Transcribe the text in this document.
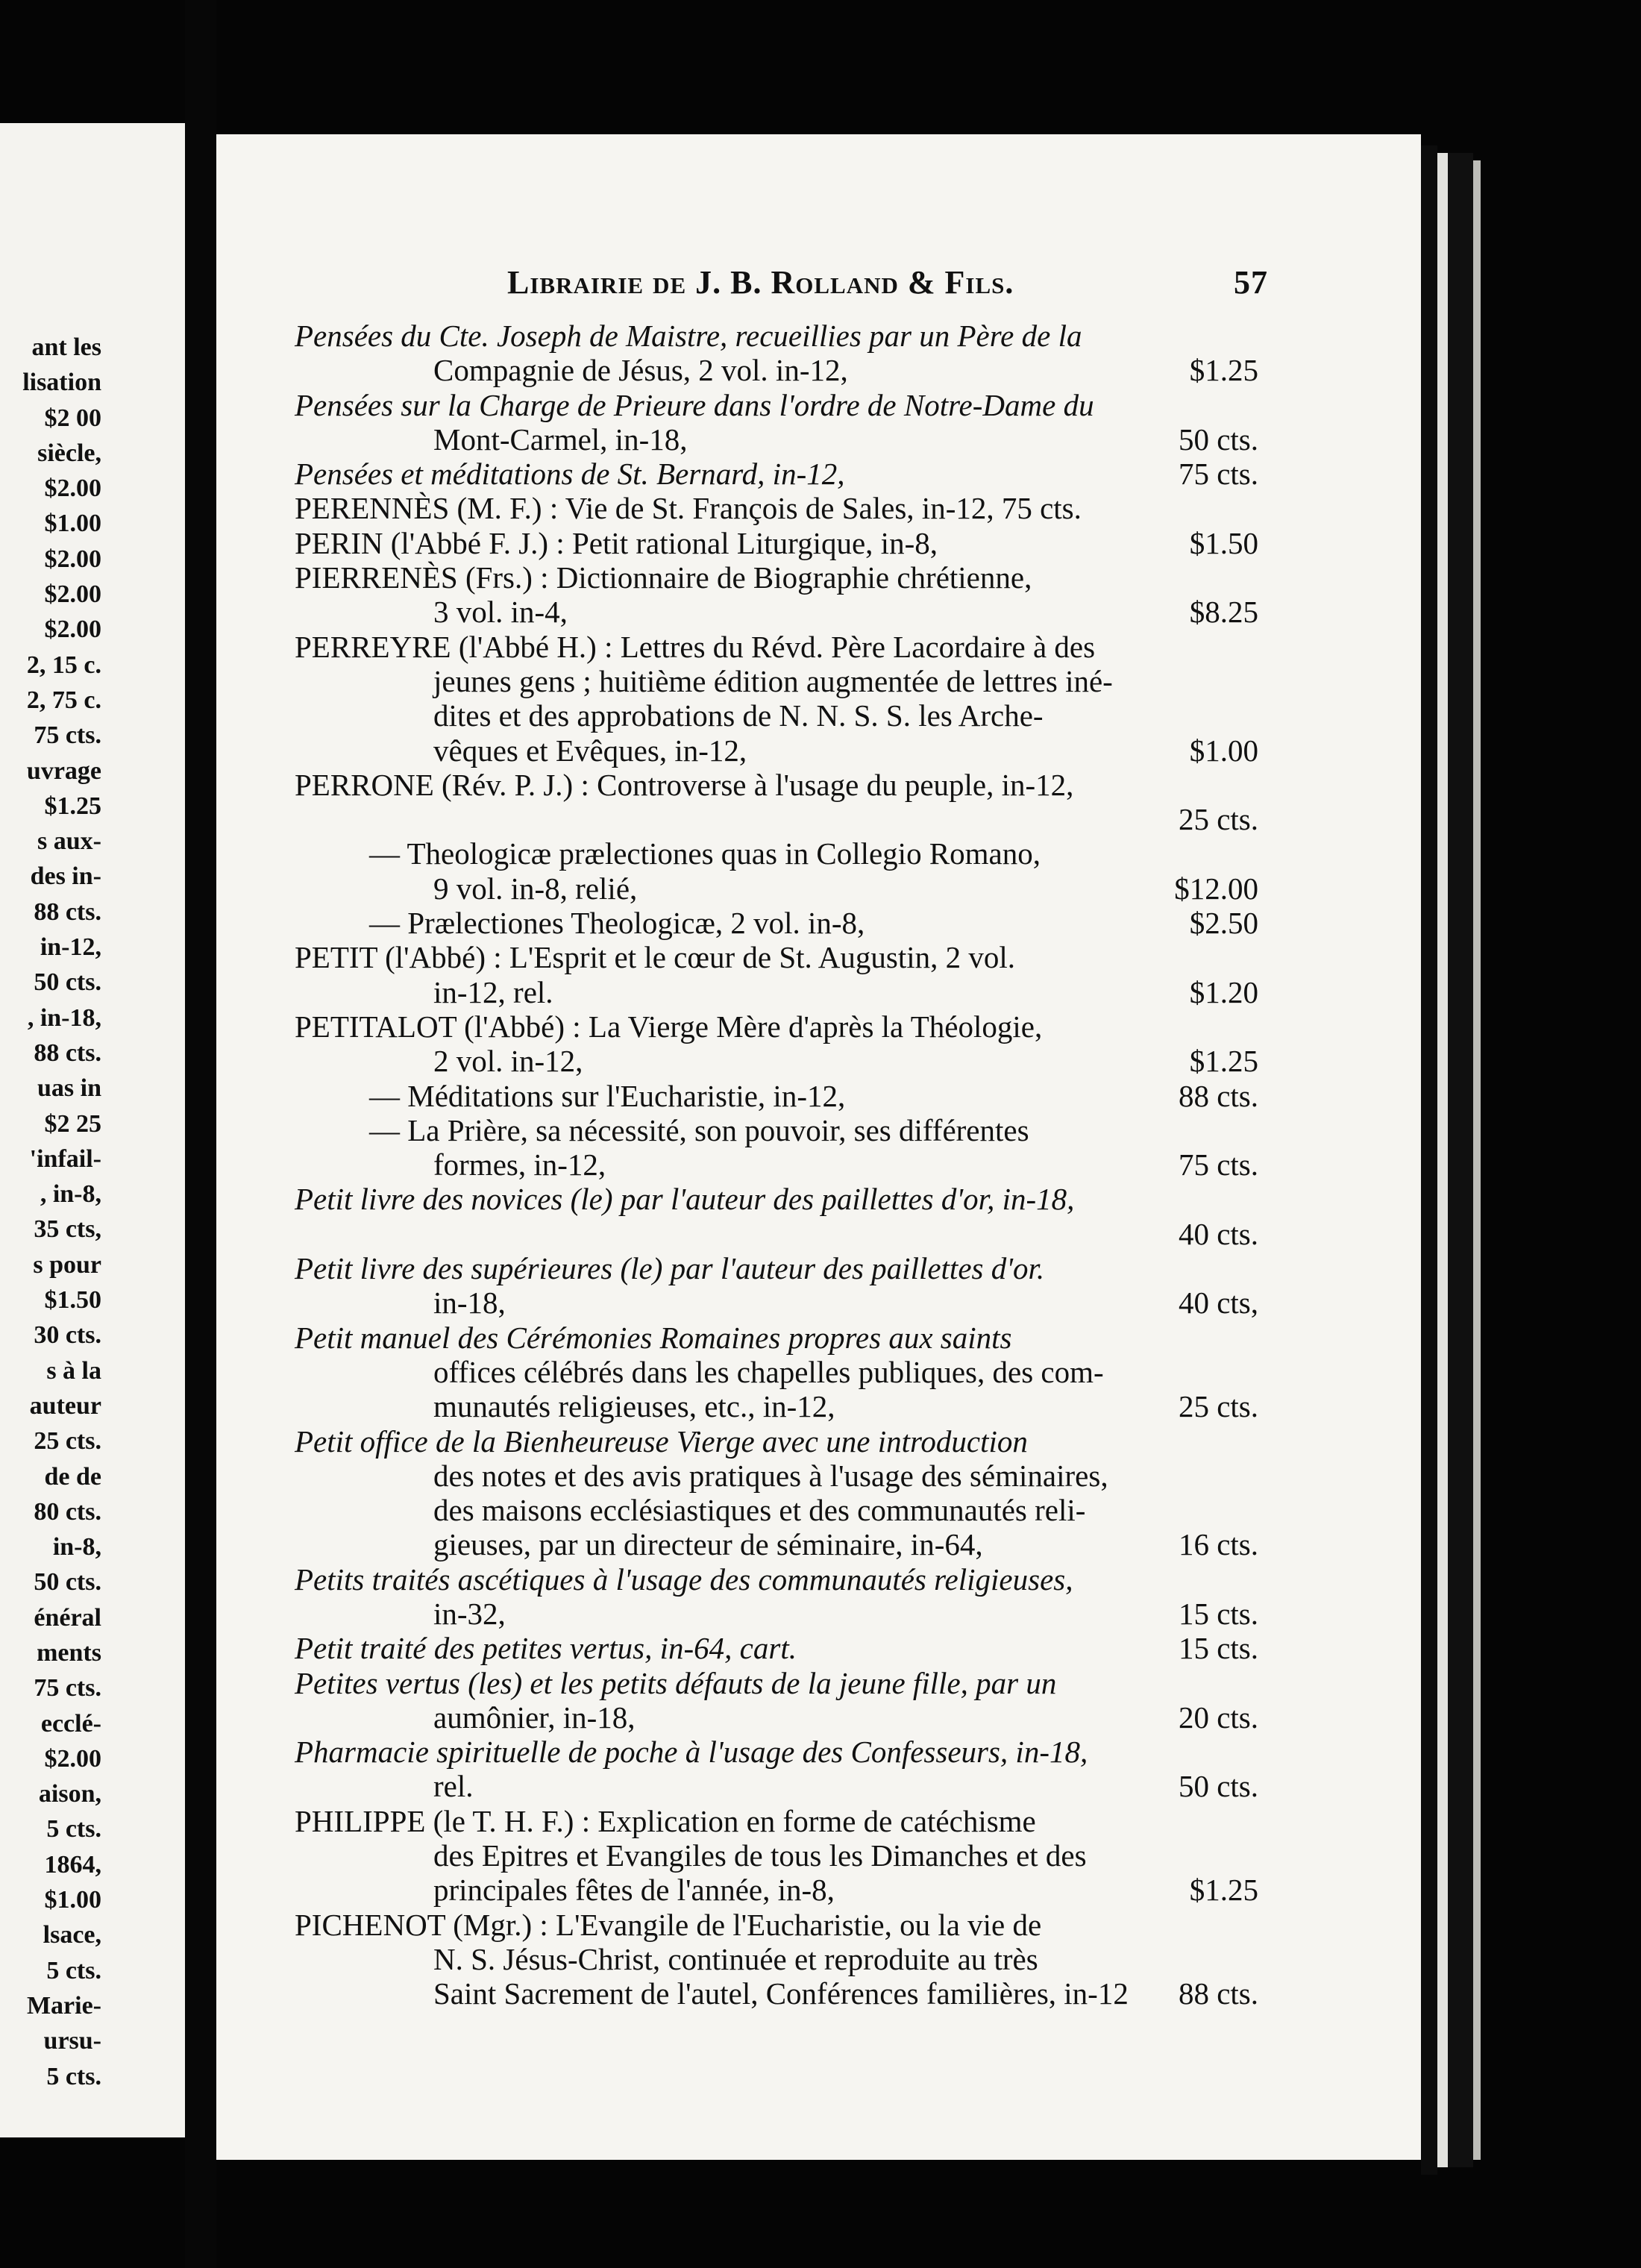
ant les
lisation
$2 00
siècle,
$2.00
$1.00
$2.00
$2.00
$2.00
2, 15 c.
2, 75 c.
75 cts.
uvrage
$1.25
s aux-
des in-
88 cts.
in-12,
50 cts.
, in-18,
88 cts.
uas in
$2 25
'infail-
, in-8,
35 cts,
s pour
$1.50
30 cts.
s à la
auteur
25 cts.
de de
80 cts.
in-8,
50 cts.
énéral
ments
75 cts.
ecclé-
$2.00
aison,
5 cts.
1864,
$1.00
lsace,
5 cts.
Marie-
ursu-
5 cts.
Librairie de J. B. Rolland & Fils.	57
Pensées du Cte. Joseph de Maistre, recueillies par un Père de la
Compagnie de Jésus, 2 vol. in-12,	$1.25
Pensées sur la Charge de Prieure dans l'ordre de Notre-Dame du
Mont-Carmel, in-18,	50 cts.
Pensées et méditations de St. Bernard, in-12,	75 cts.
PERENNÈS (M. F.) : Vie de St. François de Sales, in-12, 75 cts.
PERIN (l'Abbé F. J.) : Petit rational Liturgique, in-8,	$1.50
PIERRENÈS (Frs.) : Dictionnaire de Biographie chrétienne,
3 vol. in-4,	$8.25
PERREYRE (l'Abbé H.) : Lettres du Révd. Père Lacordaire à des
jeunes gens ; huitième édition augmentée de lettres iné-
dites et des approbations de N. N. S. S. les Arche-
vêques et Evêques, in-12,	$1.00
PERRONE (Rév. P. J.) : Controverse à l'usage du peuple, in-12,
25 cts.
— Theologicæ prælectiones quas in Collegio Romano,
9 vol. in-8, relié,	$12.00
— Prælectiones Theologicæ, 2 vol. in-8,	$2.50
PETIT (l'Abbé) : L'Esprit et le cœur de St. Augustin, 2 vol.
in-12, rel.	$1.20
PETITALOT (l'Abbé) : La Vierge Mère d'après la Théologie,
2 vol. in-12,	$1.25
— Méditations sur l'Eucharistie, in-12,	88 cts.
— La Prière, sa nécessité, son pouvoir, ses différentes
formes, in-12,	75 cts.
Petit livre des novices (le) par l'auteur des paillettes d'or, in-18,
40 cts.
Petit livre des supérieures (le) par l'auteur des paillettes d'or.
in-18,	40 cts,
Petit manuel des Cérémonies Romaines propres aux saints
offices célébrés dans les chapelles publiques, des com-
munautés religieuses, etc., in-12,	25 cts.
Petit office de la Bienheureuse Vierge avec une introduction
des notes et des avis pratiques à l'usage des séminaires,
des maisons ecclésiastiques et des communautés reli-
gieuses, par un directeur de séminaire, in-64,	16 cts.
Petits traités ascétiques à l'usage des communautés religieuses,
in-32,	15 cts.
Petit traité des petites vertus, in-64, cart.	15 cts.
Petites vertus (les) et les petits défauts de la jeune fille, par un
aumônier, in-18,	20 cts.
Pharmacie spirituelle de poche à l'usage des Confesseurs, in-18,
rel.	50 cts.
PHILIPPE (le T. H. F.) : Explication en forme de catéchisme
des Epitres et Evangiles de tous les Dimanches et des
principales fêtes de l'année, in-8,	$1.25
PICHENOT (Mgr.) : L'Evangile de l'Eucharistie, ou la vie de
N. S. Jésus-Christ, continuée et reproduite au très
Saint Sacrement de l'autel, Conférences familières, in-12 88 cts.
